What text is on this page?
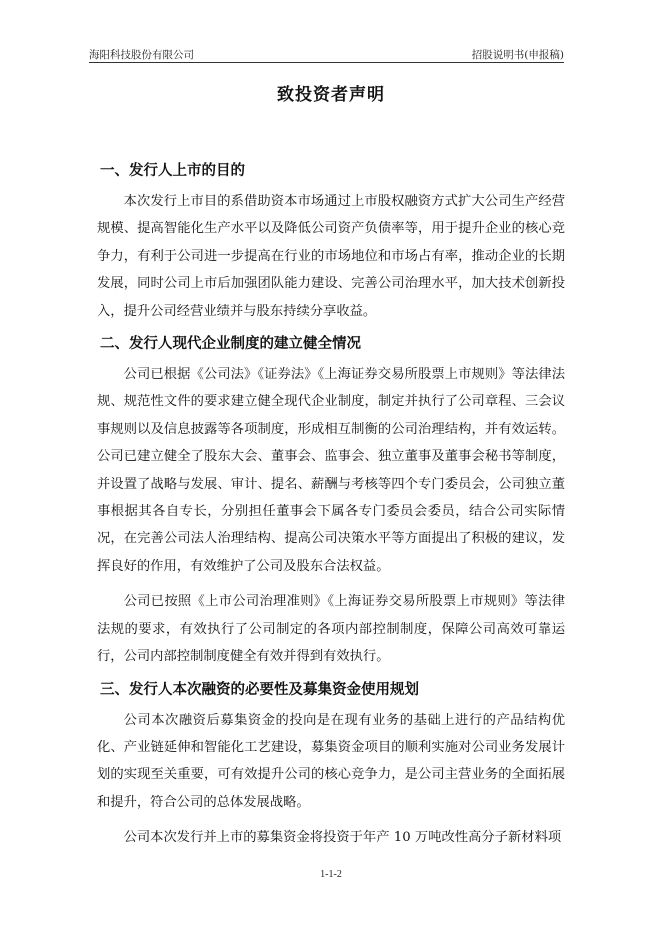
海阳科技股份有限公司	招股说明书(申报稿)
致投资者声明
一、发行人上市的目的

本次发行上市目的系借助资本市场通过上市股权融资方式扩大公司生产经营规模、提高智能化生产水平以及降低公司资产负债率等，用于提升企业的核心竞争力，有利于公司进一步提高在行业的市场地位和市场占有率，推动企业的长期发展，同时公司上市后加强团队能力建设、完善公司治理水平，加大技术创新投入，提升公司经营业绩并与股东持续分享收益。

二、发行人现代企业制度的建立健全情况

公司已根据《公司法》《证券法》《上海证券交易所股票上市规则》等法律法规、规范性文件的要求建立健全现代企业制度，制定并执行了公司章程、三会议事规则以及信息披露等各项制度，形成相互制衡的公司治理结构，并有效运转。公司已建立健全了股东大会、董事会、监事会、独立董事及董事会秘书等制度，并设置了战略与发展、审计、提名、薪酬与考核等四个专门委员会，公司独立董事根据其各自专长，分别担任董事会下属各专门委员会委员，结合公司实际情况，在完善公司法人治理结构、提高公司决策水平等方面提出了积极的建议，发挥良好的作用，有效维护了公司及股东合法权益。

公司已按照《上市公司治理准则》《上海证券交易所股票上市规则》等法律法规的要求，有效执行了公司制定的各项内部控制制度，保障公司高效可靠运行，公司内部控制制度健全有效并得到有效执行。

三、发行人本次融资的必要性及募集资金使用规划

公司本次融资后募集资金的投向是在现有业务的基础上进行的产品结构优化、产业链延伸和智能化工艺建设，募集资金项目的顺利实施对公司业务发展计划的实现至关重要，可有效提升公司的核心竞争力，是公司主营业务的全面拓展和提升，符合公司的总体发展战略。

公司本次发行并上市的募集资金将投资于年产 10 万吨改性高分子新材料项

1-1-2
